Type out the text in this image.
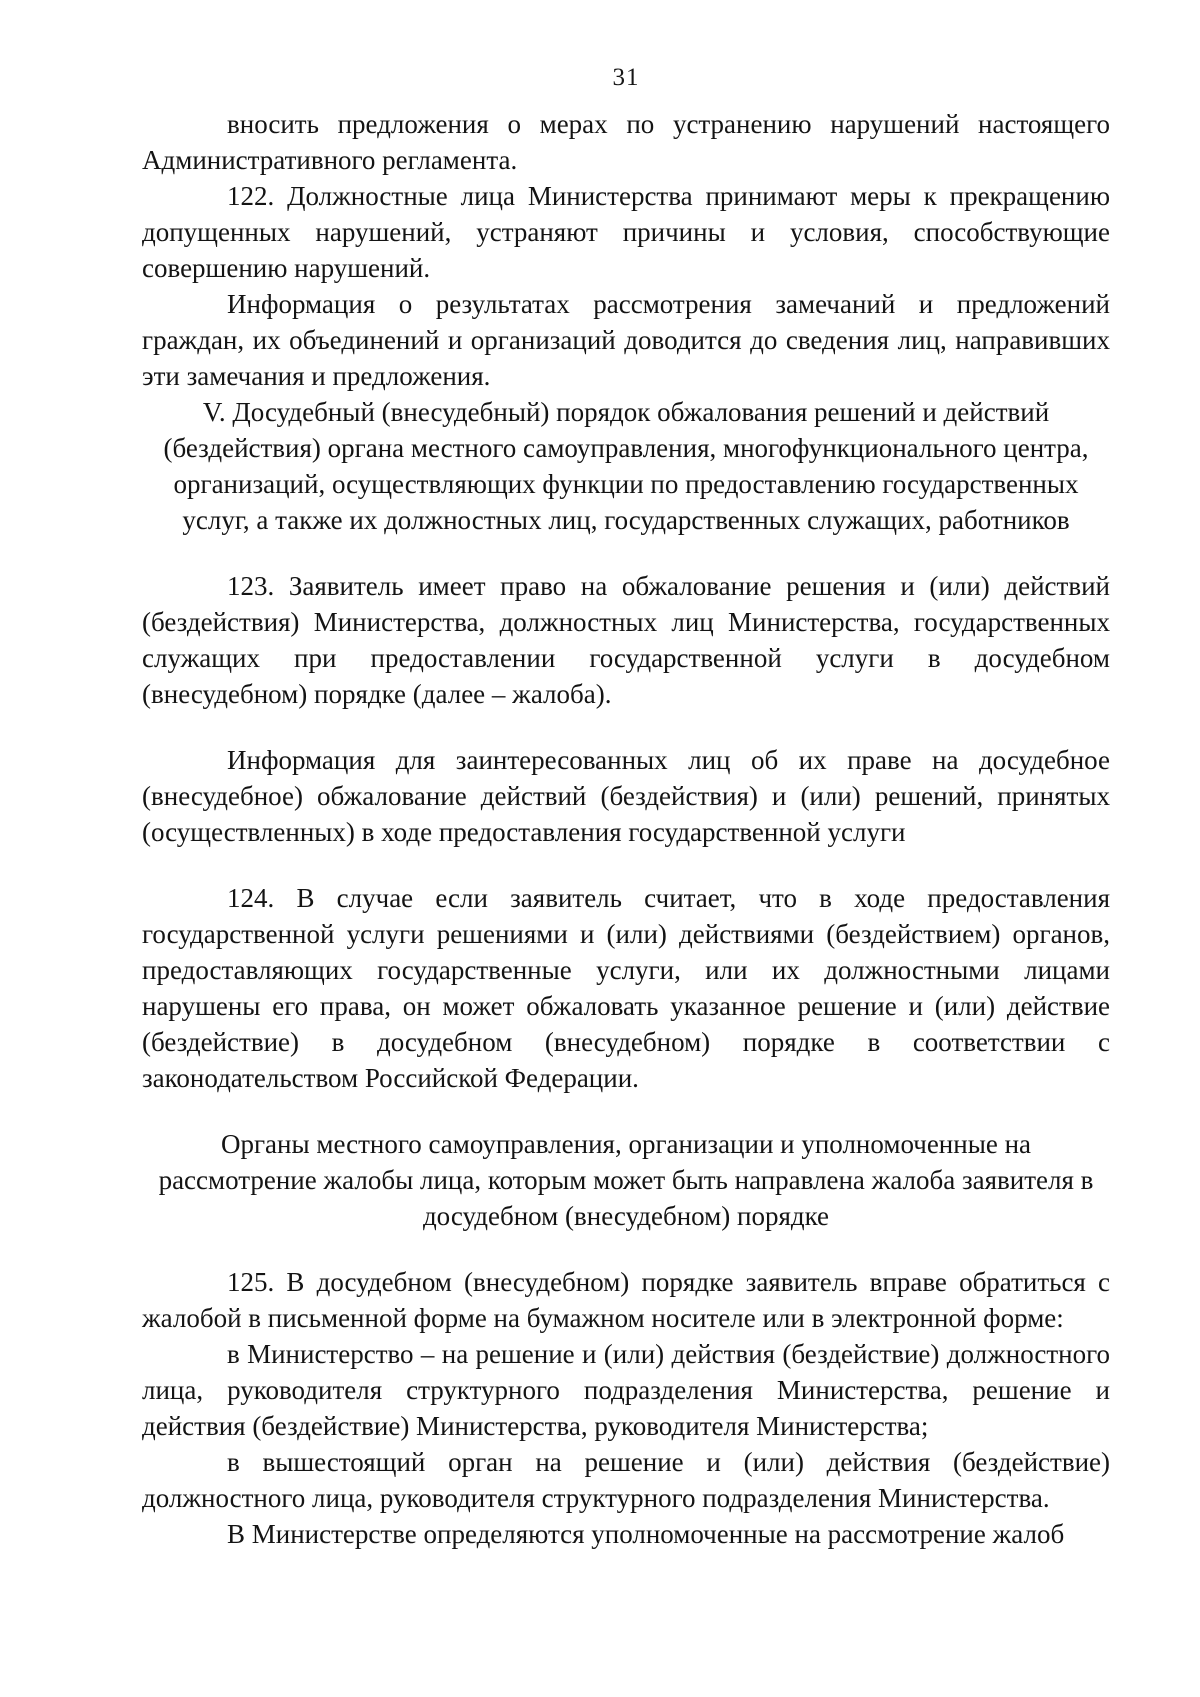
31

вносить предложения о мерах по устранению нарушений настоящего Административного регламента.

122. Должностные лица Министерства принимают меры к прекращению допущенных нарушений, устраняют причины и условия, способствующие совершению нарушений.

Информация о результатах рассмотрения замечаний и предложений граждан, их объединений и организаций доводится до сведения лиц, направивших эти замечания и предложения.

V. Досудебный (внесудебный) порядок обжалования решений и действий (бездействия) органа местного самоуправления, многофункционального центра, организаций, осуществляющих функции по предоставлению государственных услуг, а также их должностных лиц, государственных служащих, работников

123. Заявитель имеет право на обжалование решения и (или) действий (бездействия) Министерства, должностных лиц Министерства, государственных служащих при предоставлении государственной услуги в досудебном (внесудебном) порядке (далее – жалоба).

Информация для заинтересованных лиц об их праве на досудебное (внесудебное) обжалование действий (бездействия) и (или) решений, принятых (осуществленных) в ходе предоставления государственной услуги

124. В случае если заявитель считает, что в ходе предоставления государственной услуги решениями и (или) действиями (бездействием) органов, предоставляющих государственные услуги, или их должностными лицами нарушены его права, он может обжаловать указанное решение и (или) действие (бездействие) в досудебном (внесудебном) порядке в соответствии с законодательством Российской Федерации.

Органы местного самоуправления, организации и уполномоченные на рассмотрение жалобы лица, которым может быть направлена жалоба заявителя в досудебном (внесудебном) порядке

125. В досудебном (внесудебном) порядке заявитель вправе обратиться с жалобой в письменной форме на бумажном носителе или в электронной форме:

в Министерство – на решение и (или) действия (бездействие) должностного лица, руководителя структурного подразделения Министерства, решение и действия (бездействие) Министерства, руководителя Министерства;

в вышестоящий орган на решение и (или) действия (бездействие) должностного лица, руководителя структурного подразделения Министерства.

В Министерстве определяются уполномоченные на рассмотрение жалоб
